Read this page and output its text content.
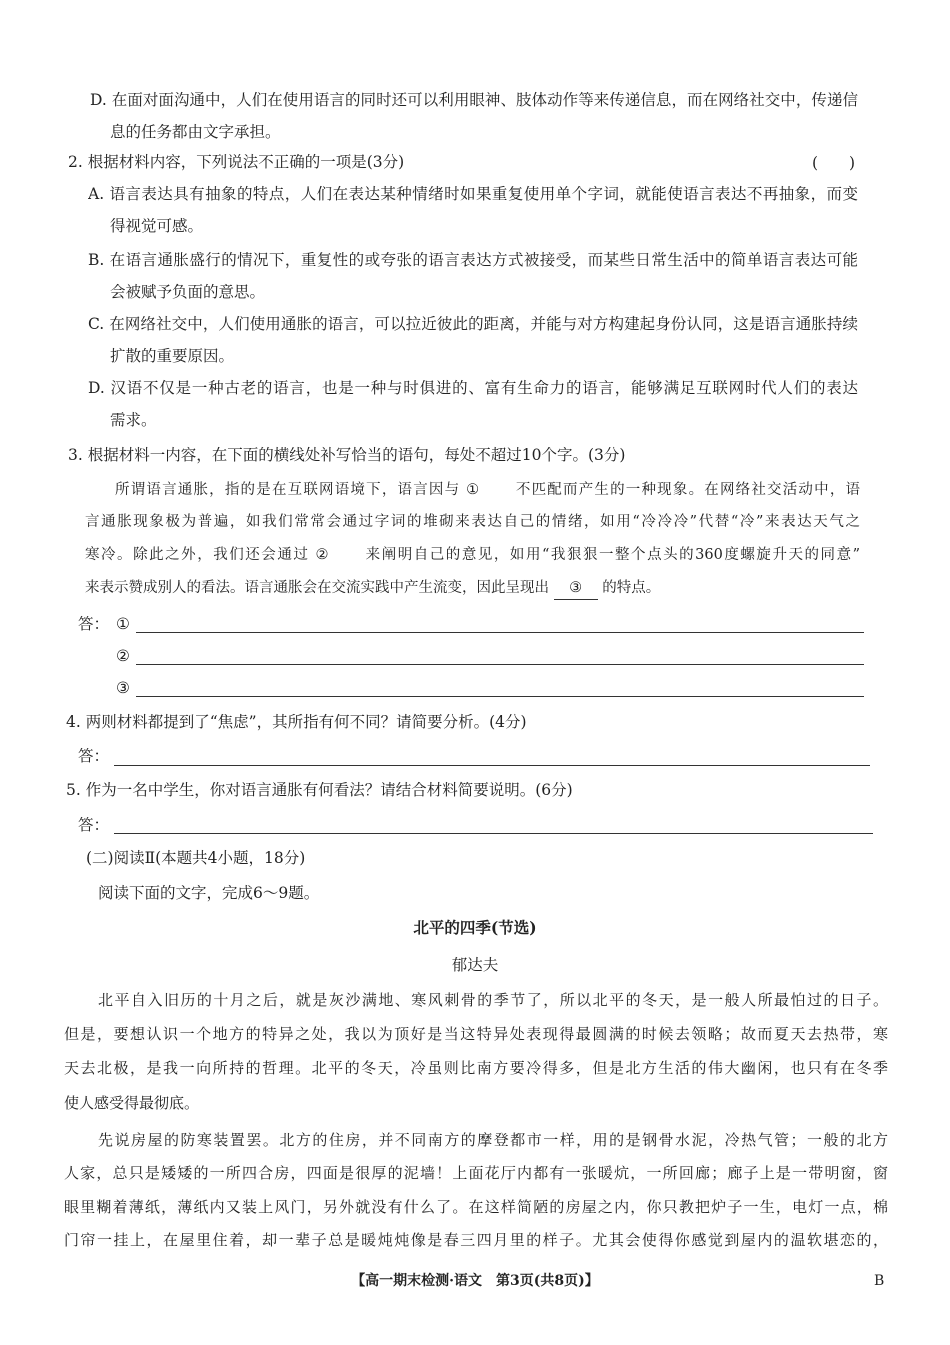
D. 在面对面沟通中，人们在使用语言的同时还可以利用眼神、肢体动作等来传递信息，而在网络社交中，传递信
息的任务都由文字承担。
2. 根据材料内容，下列说法不正确的一项是(3分)	(　　)
A. 语言表达具有抽象的特点，人们在表达某种情绪时如果重复使用单个字词，就能使语言表达不再抽象，而变
得视觉可感。
B. 在语言通胀盛行的情况下，重复性的或夸张的语言表达方式被接受，而某些日常生活中的简单语言表达可能
会被赋予负面的意思。
C. 在网络社交中，人们使用通胀的语言，可以拉近彼此的距离，并能与对方构建起身份认同，这是语言通胀持续
扩散的重要原因。
D. 汉语不仅是一种古老的语言，也是一种与时俱进的、富有生命力的语言，能够满足互联网时代人们的表达
需求。
3. 根据材料一内容，在下面的横线处补写恰当的语句，每处不超过10个字。(3分)
所谓语言通胀，指的是在互联网语境下，语言因与 ①	不匹配而产生的一种现象。在网络社交活动中，语
言通胀现象极为普遍，如我们常常会通过字词的堆砌来表达自己的情绪，如用“冷冷冷”代替“冷”来表达天气之
寒冷。除此之外，我们还会通过 ②	来阐明自己的意见，如用“我狠狠一整个点头的360度螺旋升天的同意”
来表示赞成别人的看法。语言通胀会在交流实践中产生流变，因此呈现出 ③ 的特点。
答： ①
②
③
4. 两则材料都提到了“焦虑”，其所指有何不同？请简要分析。(4分)
答：
5. 作为一名中学生，你对语言通胀有何看法？请结合材料简要说明。(6分)
答：
(二)阅读Ⅱ(本题共4小题，18分)
阅读下面的文字，完成6～9题。
北平的四季(节选)
郁达夫
北平自入旧历的十月之后，就是灰沙满地、寒风刺骨的季节了，所以北平的冬天，是一般人所最怕过的日子。
但是，要想认识一个地方的特异之处，我以为顶好是当这特异处表现得最圆满的时候去领略；故而夏天去热带，寒
天去北极，是我一向所持的哲理。北平的冬天，冷虽则比南方要冷得多，但是北方生活的伟大幽闲，也只有在冬季
使人感受得最彻底。
先说房屋的防寒装置罢。北方的住房，并不同南方的摩登都市一样，用的是钢骨水泥，冷热气管；一般的北方
人家，总只是矮矮的一所四合房，四面是很厚的泥墙！上面花厅内都有一张暖炕，一所回廊；廊子上是一带明窗，窗
眼里糊着薄纸，薄纸内又装上风门，另外就没有什么了。在这样简陋的房屋之内，你只教把炉子一生，电灯一点，棉
门帘一挂上，在屋里住着，却一辈子总是暖炖炖像是春三四月里的样子。尤其会使得你感觉到屋内的温软堪恋的，
【高一期末检测·语文　第3页(共8页)】	B
